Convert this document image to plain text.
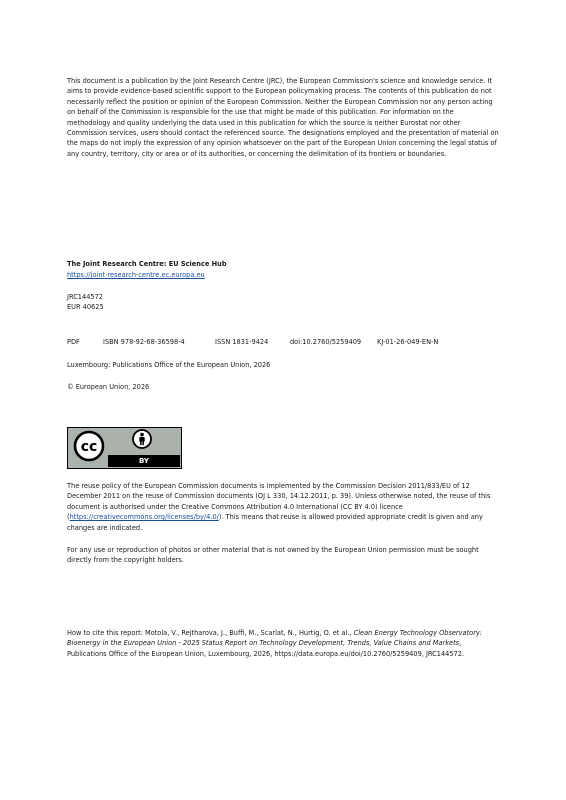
This document is a publication by the Joint Research Centre (JRC), the European Commission's science and knowledge service. It aims to provide evidence-based scientific support to the European policymaking process. The contents of this publication do not necessarily reflect the position or opinion of the European Commission. Neither the European Commission nor any person acting on behalf of the Commission is responsible for the use that might be made of this publication. For information on the methodology and quality underlying the data used in this publication for which the source is neither Eurostat nor other Commission services, users should contact the referenced source. The designations employed and the presentation of material on the maps do not imply the expression of any opinion whatsoever on the part of the European Union concerning the legal status of any country, territory, city or area or of its authorities, or concerning the delimitation of its frontiers or boundaries.
The Joint Research Centre: EU Science Hub
https://joint-research-centre.ec.europa.eu
JRC144572
EUR 40625
PDF	ISBN 978-92-68-36598-4	ISSN 1831-9424	doi:10.2760/5259409 KJ-01-26-049-EN-N
Luxembourg: Publications Office of the European Union, 2026
© European Union, 2026
cc
BY
The reuse policy of the European Commission documents is implemented by the Commission Decision 2011/833/EU of 12 December 2011 on the reuse of Commission documents (OJ L 330, 14.12.2011, p. 39). Unless otherwise noted, the reuse of this document is authorised under the Creative Commons Attribution 4.0 International (CC BY 4.0) licence (https://creativecommons.org/licenses/by/4.0/). This means that reuse is allowed provided appropriate credit is given and any changes are indicated.
For any use or reproduction of photos or other material that is not owned by the European Union permission must be sought directly from the copyright holders.
How to cite this report: Motola, V., Rejtharova, J., Buffi, M., Scarlat, N., Hurtig, O. et al., Clean Energy Technology Observatory: Bioenergy in the European Union - 2025 Status Report on Technology Development, Trends, Value Chains and Markets, Publications Office of the European Union, Luxembourg, 2026, https://data.europa.eu/doi/10.2760/5259409, JRC144572.
